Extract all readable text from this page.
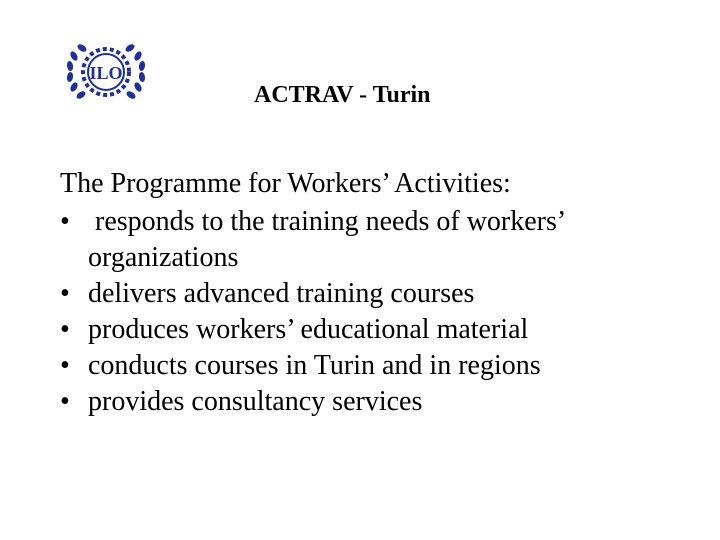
ILO
ACTRAV - Turin
The Programme for Workers’ Activities:
• responds to the training needs of workers’
organizations
• delivers advanced training courses
• produces workers’ educational material
• conducts courses in Turin and in regions
• provides consultancy services
